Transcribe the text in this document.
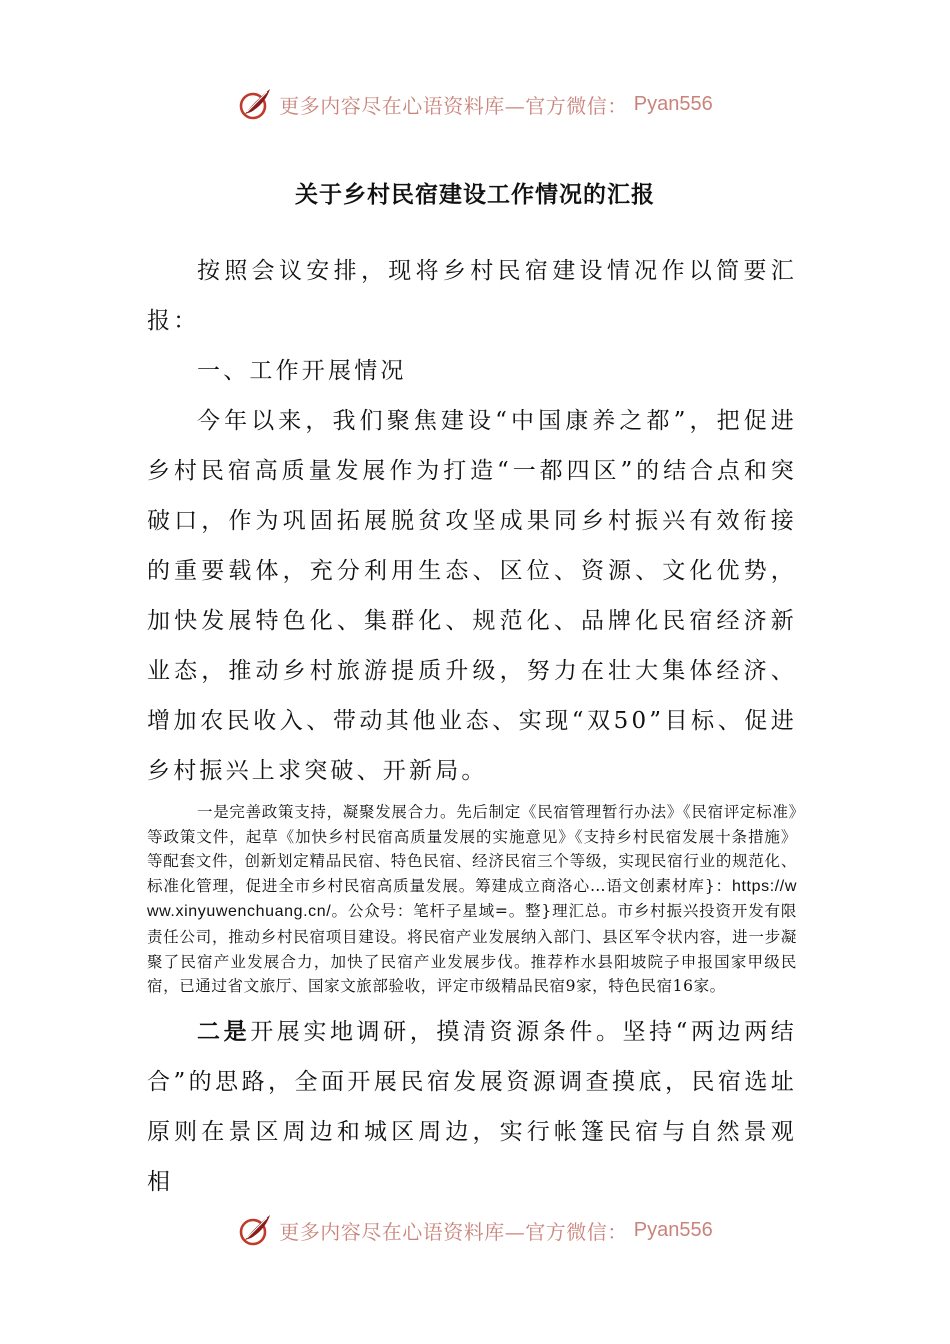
更多内容尽在心语资料库—官方微信： Pyan556
关于乡村民宿建设工作情况的汇报

按照会议安排，现将乡村民宿建设情况作以简要汇报：

一、工作开展情况

今年以来，我们聚焦建设“中国康养之都”，把促进乡村民宿高质量发展作为打造“一都四区”的结合点和突破口，作为巩固拓展脱贫攻坚成果同乡村振兴有效衔接的重要载体，充分利用生态、区位、资源、文化优势，加快发展特色化、集群化、规范化、品牌化民宿经济新业态，推动乡村旅游提质升级，努力在壮大集体经济、增加农民收入、带动其他业态、实现“双50”目标、促进乡村振兴上求突破、开新局。

一是完善政策支持，凝聚发展合力。先后制定《民宿管理暂行办法》《民宿评定标准》等政策文件，起草《加快乡村民宿高质量发展的实施意见》《支持乡村民宿发展十条措施》等配套文件，创新划定精品民宿、特色民宿、经济民宿三个等级，实现民宿行业的规范化、标准化管理，促进全市乡村民宿高质量发展。筹建成立商洛心…语文创素材库}：https://www.xinyuwenchuang.cn/。公众号：笔杆子星域=。整}理汇总。市乡村振兴投资开发有限责任公司，推动乡村民宿项目建设。将民宿产业发展纳入部门、县区军令状内容，进一步凝聚了民宿产业发展合力，加快了民宿产业发展步伐。推荐柞水县阳坡院子申报国家甲级民宿，已通过省文旅厅、国家文旅部验收，评定市级精品民宿9家，特色民宿16家。

二是开展实地调研，摸清资源条件。坚持“两边两结合”的思路，全面开展民宿发展资源调查摸底，民宿选址原则在景区周边和城区周边，实行帐篷民宿与自然景观相

更多内容尽在心语资料库—官方微信： Pyan556
